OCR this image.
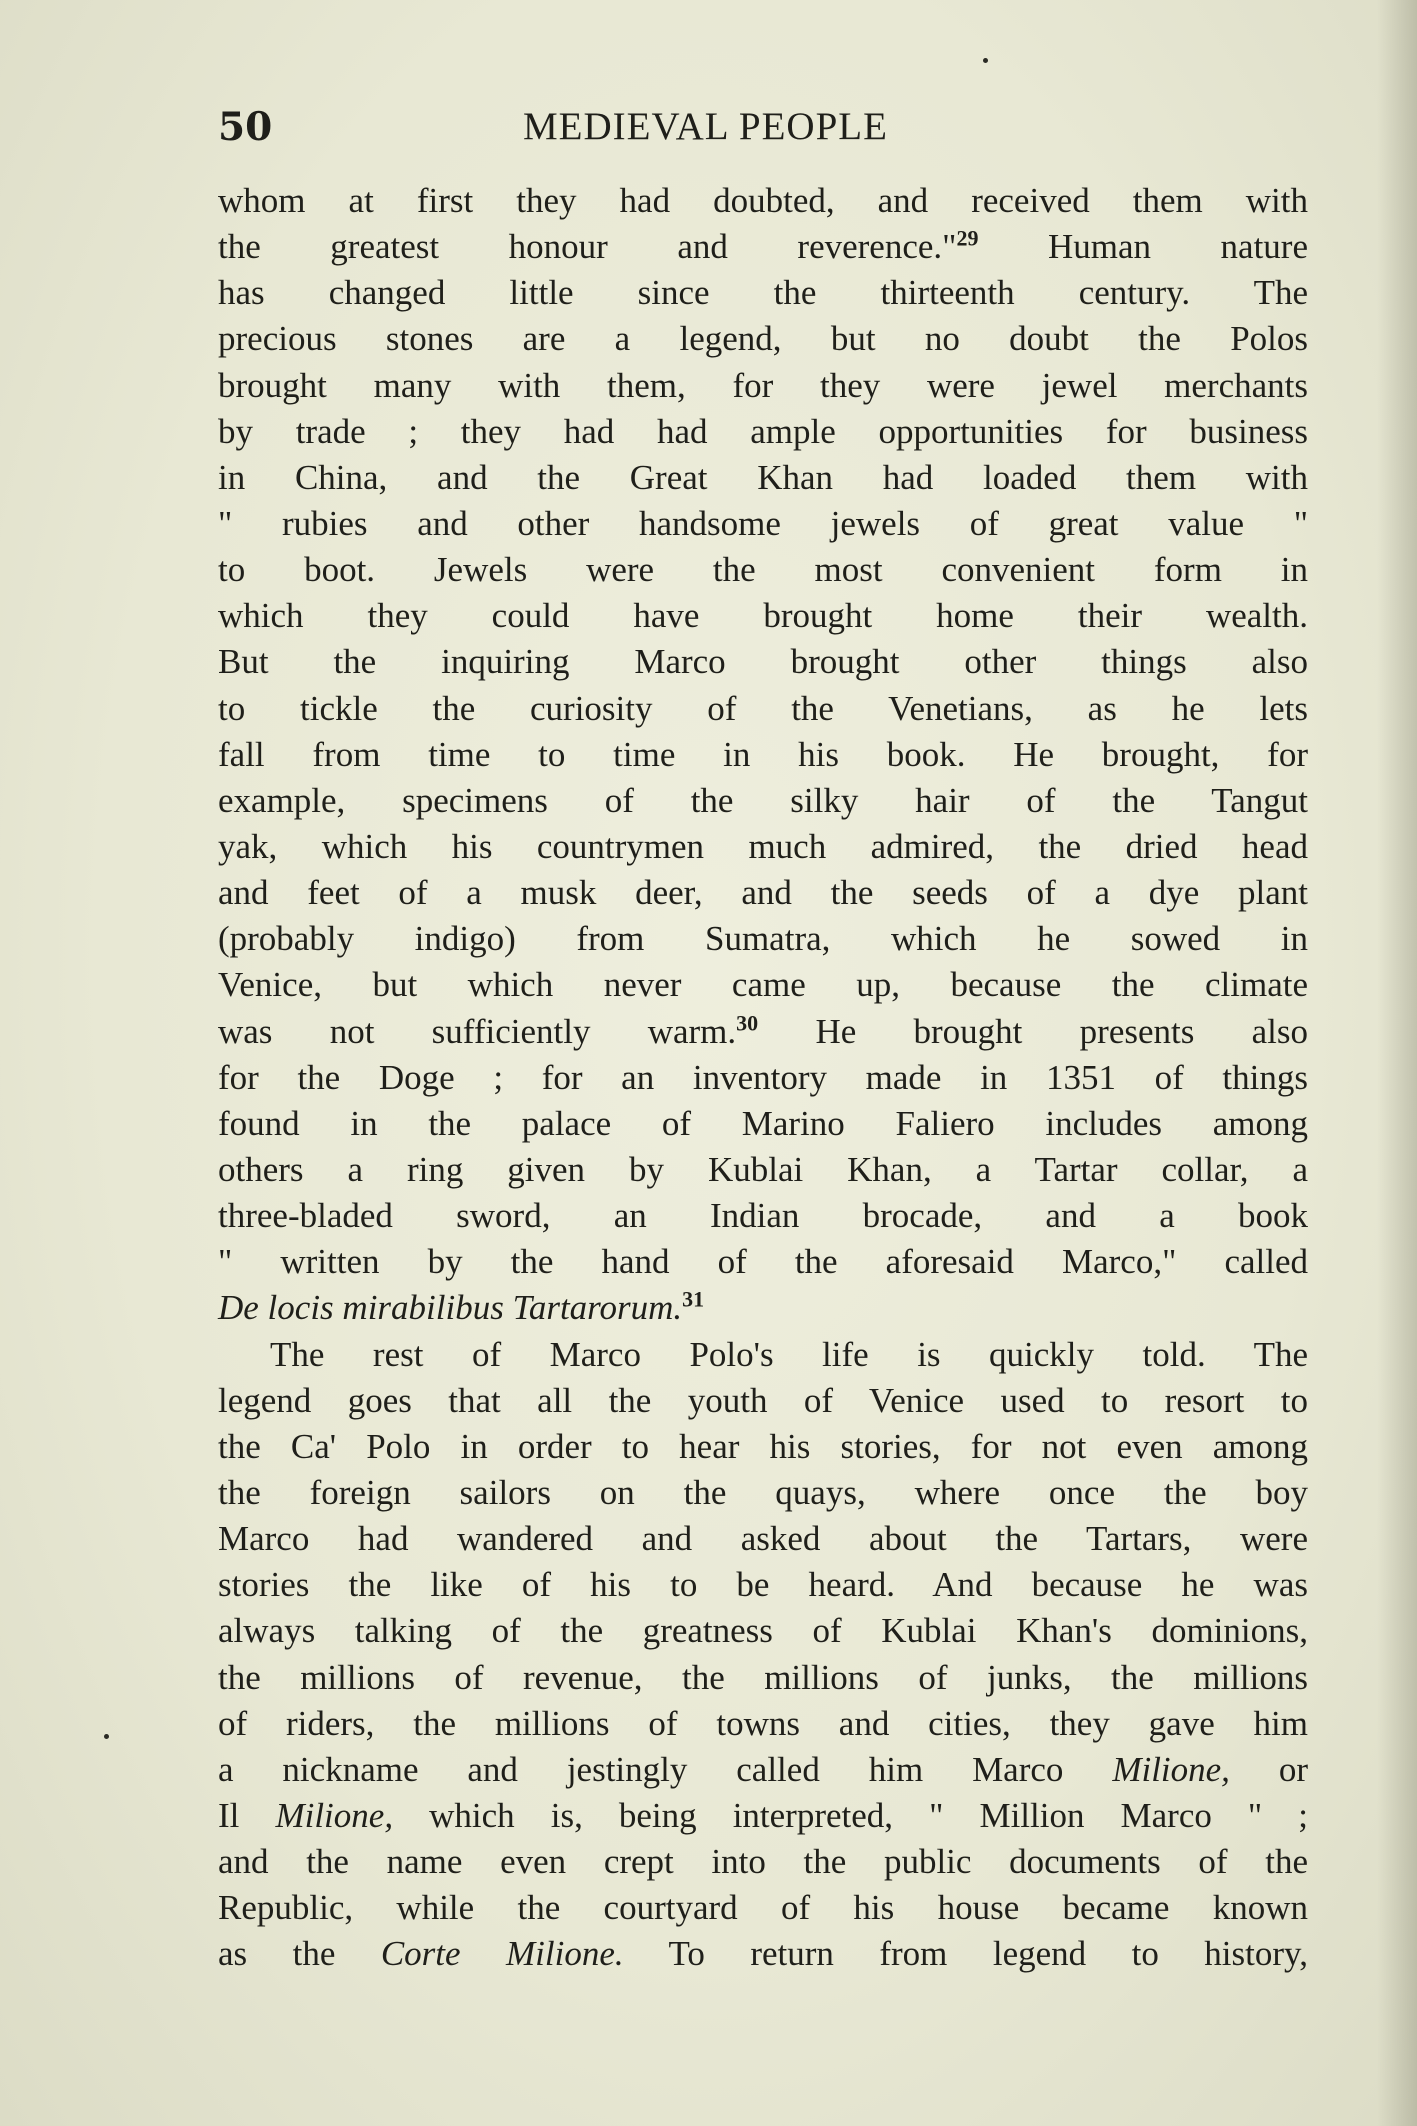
50	MEDIEVAL PEOPLE
whom at first they had doubted, and received them with
the greatest honour and reverence."$^{29}$ Human nature
has changed little since the thirteenth century. The
precious stones are a legend, but no doubt the Polos
brought many with them, for they were jewel merchants
by trade ; they had had ample opportunities for business
in China, and the Great Khan had loaded them with
" rubies and other handsome jewels of great value "
to boot. Jewels were the most convenient form in
which they could have brought home their wealth.
But the inquiring Marco brought other things also
to tickle the curiosity of the Venetians, as he lets
fall from time to time in his book. He brought, for
example, specimens of the silky hair of the Tangut
yak, which his countrymen much admired, the dried head
and feet of a musk deer, and the seeds of a dye plant
(probably indigo) from Sumatra, which he sowed in
Venice, but which never came up, because the climate
was not sufficiently warm.$^{30}$ He brought presents also
for the Doge ; for an inventory made in 1351 of things
found in the palace of Marino Faliero includes among
others a ring given by Kublai Khan, a Tartar collar, a
three-bladed sword, an Indian brocade, and a book
" written by the hand of the aforesaid Marco," called
De locis mirabilibus Tartarorum.$^{31}$
The rest of Marco Polo's life is quickly told. The
legend goes that all the youth of Venice used to resort to
the Ca' Polo in order to hear his stories, for not even among
the foreign sailors on the quays, where once the boy
Marco had wandered and asked about the Tartars, were
stories the like of his to be heard. And because he was
always talking of the greatness of Kublai Khan's dominions,
the millions of revenue, the millions of junks, the millions
of riders, the millions of towns and cities, they gave him
a nickname and jestingly called him Marco Milione, or
Il Milione, which is, being interpreted, " Million Marco " ;
and the name even crept into the public documents of the
Republic, while the courtyard of his house became known
as the Corte Milione. To return from legend to history,
